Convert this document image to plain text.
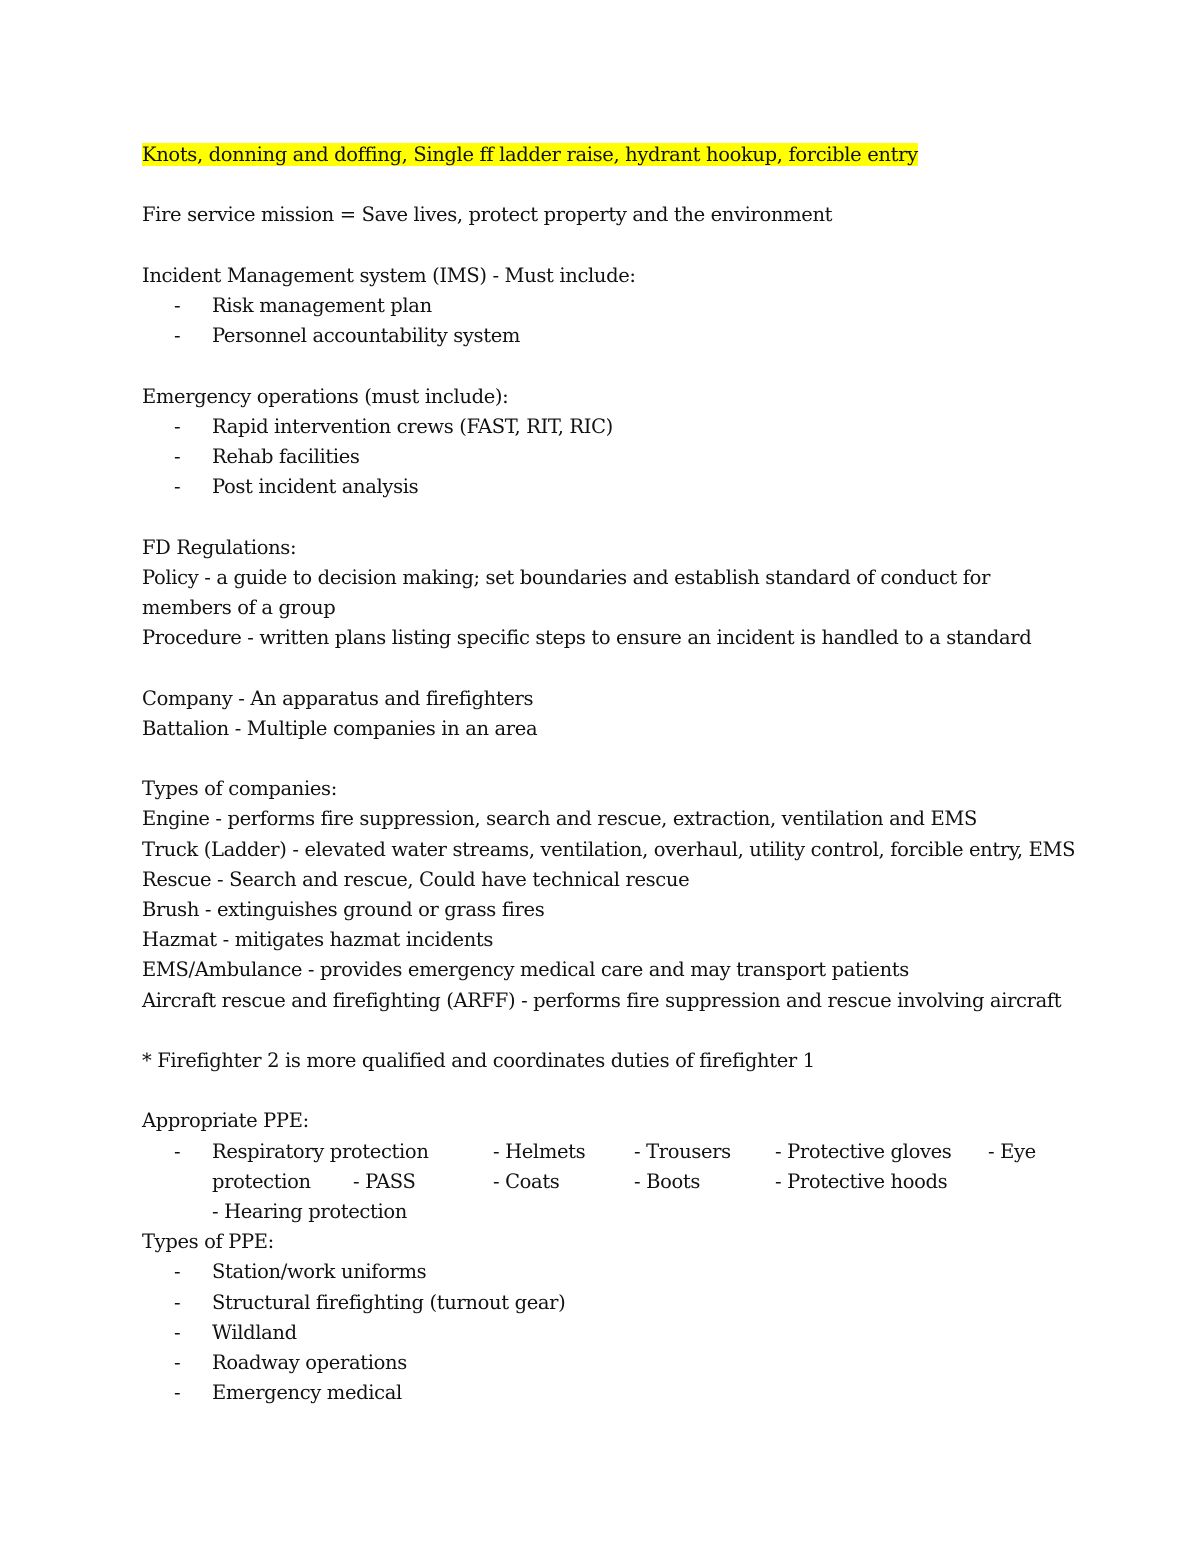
Knots, donning and doffing, Single ff ladder raise, hydrant hookup, forcible entry
Fire service mission = Save lives, protect property and the environment
Incident Management system (IMS) - Must include:
-	Risk management plan
-	Personnel accountability system
Emergency operations (must include):
-	Rapid intervention crews (FAST, RIT, RIC)
-	Rehab facilities
-	Post incident analysis
FD Regulations:
Policy - a guide to decision making; set boundaries and establish standard of conduct for members of a group
Procedure - written plans listing specific steps to ensure an incident is handled to a standard
Company - An apparatus and firefighters
Battalion - Multiple companies in an area
Types of companies:
Engine - performs fire suppression, search and rescue, extraction, ventilation and EMS
Truck (Ladder) - elevated water streams, ventilation, overhaul, utility control, forcible entry, EMS
Rescue - Search and rescue, Could have technical rescue
Brush - extinguishes ground or grass fires
Hazmat - mitigates hazmat incidents
EMS/Ambulance - provides emergency medical care and may transport patients
Aircraft rescue and firefighting (ARFF) - performs fire suppression and rescue involving aircraft
* Firefighter 2 is more qualified and coordinates duties of firefighter 1
Appropriate PPE:
- Respiratory protection	- Helmets - Trousers - Protective gloves - Eye
protection - PASS	- Coats	- Boots	- Protective hoods
- Hearing protection
Types of PPE:
-	Station/work uniforms
-	Structural firefighting (turnout gear)
-	Wildland
-	Roadway operations
-	Emergency medical
